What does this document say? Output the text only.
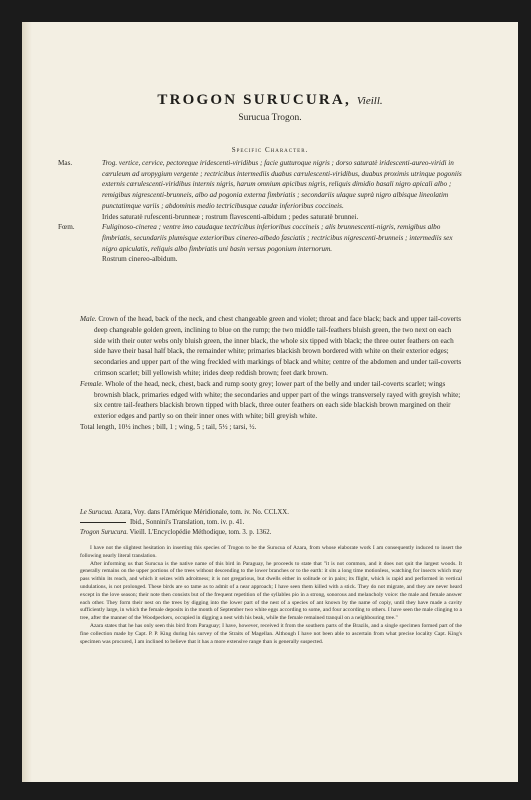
TROGON SURUCURA, Vieill.
Surucua Trogon.
Specific Character.

Mas.	Trog. vertice, cervice, pectoreque iridescenti-viridibus ; facie gutturoque nigris ; dorso saturatè iridescenti-aureo-viridi in cæruleum ad uropygium vergente ; rectricibus intermediis duabus cærulescenti-viridibus, duabus proximis utrinque pogoniis externis cærulescenti-viridibus internis nigris, harum omnium apicibus nigris, reliquis dimidio basali nigro apicali albo ; remigibus nigrescenti-brunneis, albo ad pogonia externa fimbriatis ; secondariis ulaque suprà nigro albisque lineolatim punctatimque variis ; abdominis medio tectricibusque caudæ inferioribus coccineis.

Irides saturatè rufescenti-brunneæ ; rostrum flavescenti-albidum ; pedes saturatè brunnei.

Fœm.	Fuliginoso-cinerea ; ventre imo caudaque tectricibus inferioribus coccineis ; alis brunnescenti-nigris, remigibus albo fimbriatis, secundariis plumisque exterioribus cinereo-albedo fasciatis ; rectricibus nigrescenti-brunneis ; intermediis sex nigro apiculatis, reliquis albo fimbriatis uni basin versus pogonium internorum.

Rostrum cinereo-albidum.

Male. Crown of the head, back of the neck, and chest changeable green and violet; throat and face black; back and upper tail-coverts deep changeable golden green, inclining to blue on the rump; the two middle tail-feathers bluish green, the two next on each side with their outer webs only bluish green, the inner black, the whole six tipped with black; the three outer feathers on each side have their basal half black, the remainder white; primaries blackish brown bordered with white on their exterior edges; secondaries and upper part of the wing freckled with markings of black and white; centre of the abdomen and under tail-coverts crimson scarlet; bill yellowish white; irides deep reddish brown; feet dark brown.

Female. Whole of the head, neck, chest, back and rump sooty grey; lower part of the belly and under tail-coverts scarlet; wings brownish black, primaries edged with white; the secondaries and upper part of the wings transversely rayed with greyish white; six centre tail-feathers blackish brown tipped with black, three outer feathers on each side blackish brown margined on their exterior edges and partly so on their inner ones with white; bill greyish white.

Total length, 10½ inches ; bill, 1 ; wing, 5 ; tail, 5½ ; tarsi, ½.

Le Surucua. Azara, Voy. dans l'Amérique Méridionale, tom. iv. No. CCLXX.

Ibid., Sonnini's Translation, tom. iv. p. 41.

Trogon Surucura. Vieill. L'Encyclopédie Méthodique, tom. 3. p. 1362.

I have not the slightest hesitation in inserting this species of Trogon to be the Surucua of Azara, from whose elaborate work I am consequently induced to insert the following nearly literal translation.

After informing us that Surucua is the native name of this bird in Paraguay, he proceeds to state that "it is not common, and it does not quit the largest woods. It generally remains on the upper portions of the trees without descending to the lower branches or to the earth: it sits a long time motionless, watching for insects which may pass within its reach, and which it seizes with adroitness; it is not gregarious, but dwells either in solitude or in pairs; its flight, which is rapid and performed in vertical undulations, is not prolonged. These birds are so tame as to admit of a near approach; I have seen them killed with a stick. They do not migrate, and they are never heard except in the love season; their note then consists but of the frequent repetition of the syllables pio in a strong, sonorous and melancholy voice: the male and female answer each other. They form their nest on the trees by digging into the lower part of the nest of a species of ant known by the name of copiy, until they have made a cavity sufficiently large, in which the female deposits in the month of September two white eggs according to some, and four according to others. I have seen the male clinging to a tree, after the manner of the Woodpeckers, occupied in digging a nest with his beak, while the female remained tranquil on a neighbouring tree."

Azara states that he has only seen this bird from Paraguay; I have, however, received it from the southern parts of the Brazils, and a single specimen formed part of the fine collection made by Capt. P. P. King during his survey of the Straits of Magellan. Although I have not been able to ascertain from what precise locality Capt. King's specimen was procured, I am inclined to believe that it has a more extensive range than is generally suspected.
